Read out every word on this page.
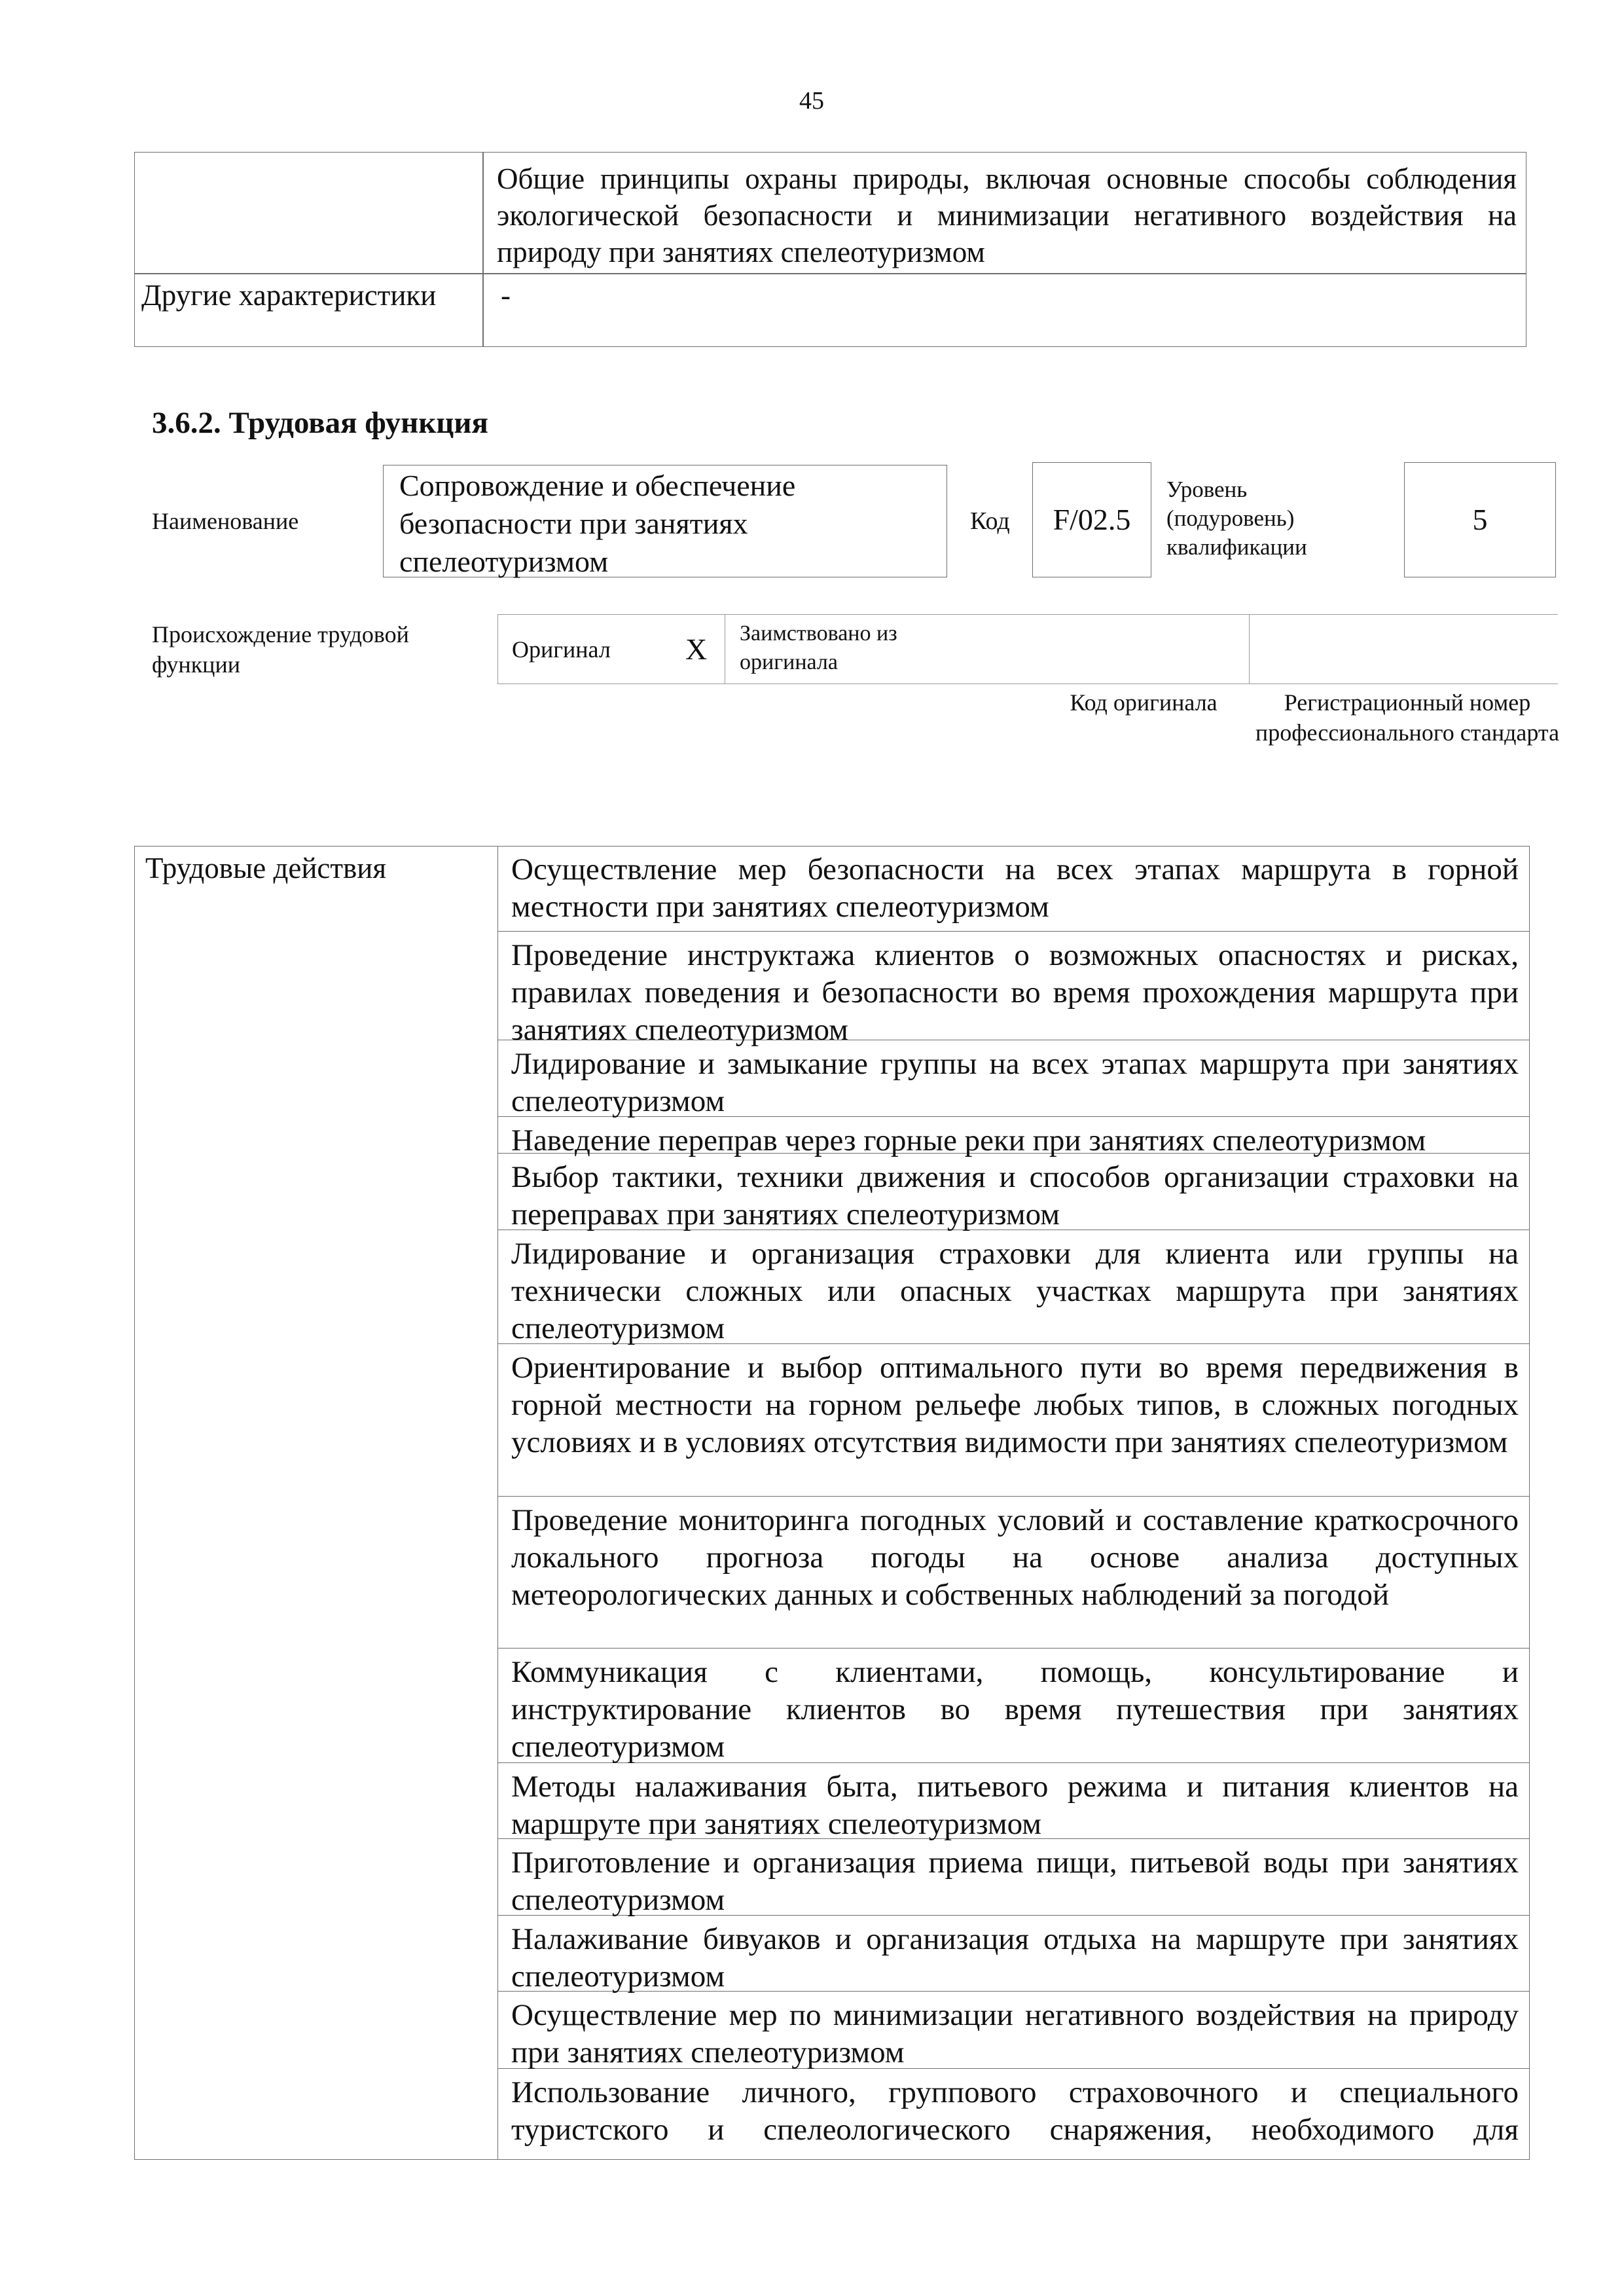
45
Общие принципы охраны природы, включая основные способы соблюдения экологической безопасности и минимизации негативного воздействия на природу при занятиях спелеотуризмом
Другие характеристики	-
3.6.2. Трудовая функция
Наименование
Сопровождение и обеспечение безопасности при занятиях спелеотуризмом
Код	F/02.5
Уровень (подуровень) квалификации
5
Происхождение трудовой функции
Оригинал	X	Заимствовано из оригинала
Код оригинала	Регистрационный номер профессионального стандарта
Трудовые действия	Осуществление мер безопасности на всех этапах маршрута в горной местности при занятиях спелеотуризмом
Проведение инструктажа клиентов о возможных опасностях и рисках, правилах поведения и безопасности во время прохождения маршрута при занятиях спелеотуризмом
Лидирование и замыкание группы на всех этапах маршрута при занятиях спелеотуризмом
Наведение переправ через горные реки при занятиях спелеотуризмом
Выбор тактики, техники движения и способов организации страховки на переправах при занятиях спелеотуризмом
Лидирование и организация страховки для клиента или группы на технически сложных или опасных участках маршрута при занятиях спелеотуризмом
Ориентирование и выбор оптимального пути во время передвижения в горной местности на горном рельефе любых типов, в сложных погодных условиях и в условиях отсутствия видимости при занятиях спелеотуризмом
Проведение мониторинга погодных условий и составление краткосрочного локального прогноза погоды на основе анализа доступных метеорологических данных и собственных наблюдений за погодой
Коммуникация с клиентами, помощь, консультирование и инструктирование клиентов во время путешествия при занятиях спелеотуризмом
Методы налаживания быта, питьевого режима и питания клиентов на маршруте при занятиях спелеотуризмом
Приготовление и организация приема пищи, питьевой воды при занятиях спелеотуризмом
Налаживание бивуаков и организация отдыха на маршруте при занятиях спелеотуризмом
Осуществление мер по минимизации негативного воздействия на природу при занятиях спелеотуризмом
Использование личного, группового страховочного и специального туристского и спелеологического снаряжения, необходимого для
